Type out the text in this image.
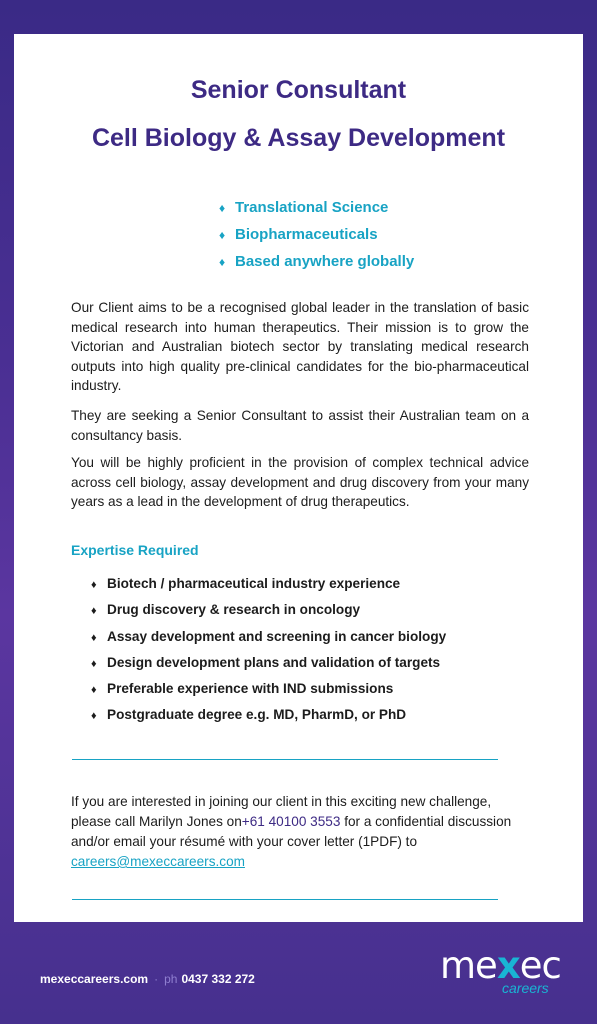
Senior Consultant
Cell Biology & Assay Development
♦ Translational Science
♦ Biopharmaceuticals
♦ Based anywhere globally

Our Client aims to be a recognised global leader in the translation of basic medical research into human therapeutics. Their mission is to grow the Victorian and Australian biotech sector by translating medical research outputs into high quality pre-clinical candidates for the bio-pharmaceutical industry.

They are seeking a Senior Consultant to assist their Australian team on a consultancy basis.

You will be highly proficient in the provision of complex technical advice across cell biology, assay development and drug discovery from your many years as a lead in the development of drug therapeutics.

Expertise Required
♦ Biotech / pharmaceutical industry experience
♦ Drug discovery & research in oncology
♦ Assay development and screening in cancer biology
♦ Design development plans and validation of targets
♦ Preferable experience with IND submissions
♦ Postgraduate degree e.g. MD, PharmD, or PhD

If you are interested in joining our client in this exciting new challenge, please call Marilyn Jones on+61 40100 3553 for a confidential discussion and/or email your résumé with your cover letter (1PDF) to careers@mexeccareers.com

mexeccareers.com · ph 0437 332 272	mexec
careers
